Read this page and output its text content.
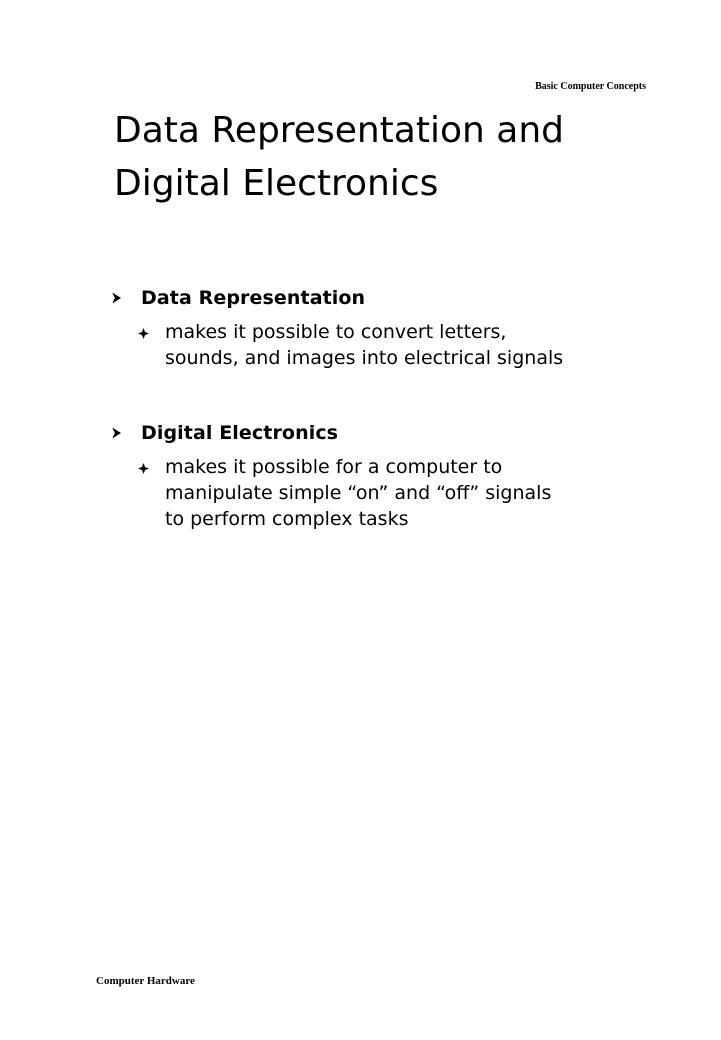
Basic Computer Concepts
Data Representation and
Digital Electronics
Data Representation
makes it possible to convert letters,
sounds, and images into electrical signals
Digital Electronics
makes it possible for a computer to
manipulate simple “on” and “off” signals
to perform complex tasks
Computer Hardware
